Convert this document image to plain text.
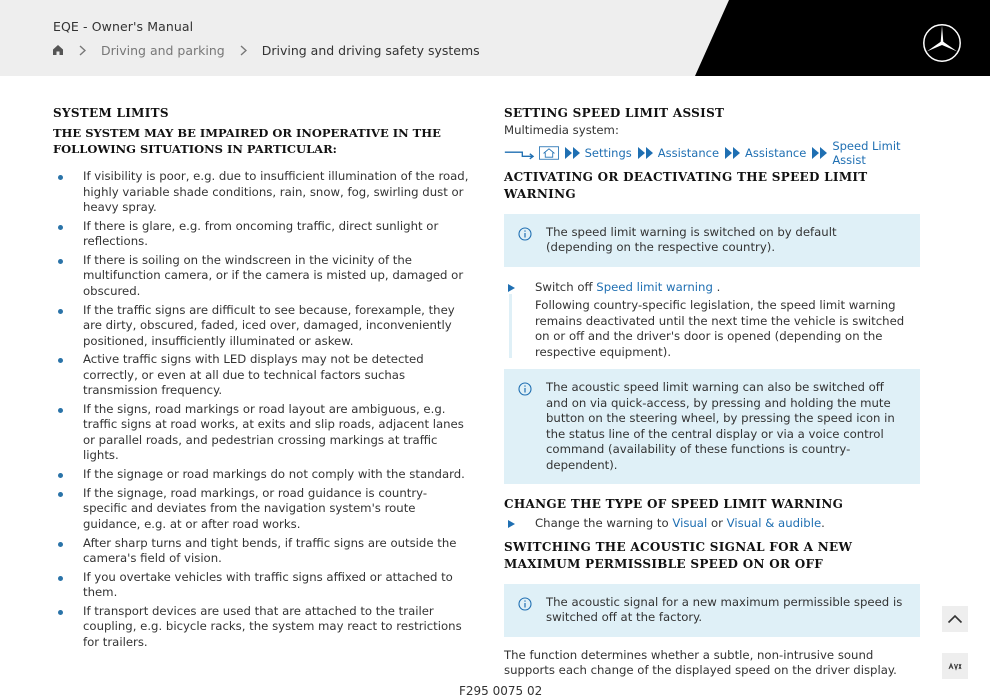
EQE - Owner's Manual
Driving and parking	Driving and driving safety systems
SYSTEM LIMITS
THE SYSTEM MAY BE IMPAIRED OR INOPERATIVE IN THE FOLLOWING SITUATIONS IN PARTICULAR:
If visibility is poor, e.g. due to insufficient illumination of the road, highly variable shade conditions, rain, snow, fog, swirling dust or heavy spray.
If there is glare, e.g. from oncoming traffic, direct sunlight or reflections.
If there is soiling on the windscreen in the vicinity of the multifunction camera, or if the camera is misted up, damaged or obscured.
If the traffic signs are difficult to see because, forexample, they are dirty, obscured, faded, iced over, damaged, inconveniently positioned, insufficiently illuminated or askew.
Active traffic signs with LED displays may not be detected correctly, or even at all due to technical factors suchas transmission frequency.
If the signs, road markings or road layout are ambiguous, e.g. traffic signs at road works, at exits and slip roads, adjacent lanes or parallel roads, and pedestrian crossing markings at traffic lights.
If the signage or road markings do not comply with the standard.
If the signage, road markings, or road guidance is country-specific and deviates from the navigation system's route guidance, e.g. at or after road works.
After sharp turns and tight bends, if traffic signs are outside the camera's field of vision.
If you overtake vehicles with traffic signs affixed or attached to them.
If transport devices are used that are attached to the trailer coupling, e.g. bicycle racks, the system may react to restrictions for trailers.
SETTING SPEED LIMIT ASSIST
Multimedia system:
Settings Assistance Assistance Speed Limit Assist
ACTIVATING OR DEACTIVATING THE SPEED LIMIT WARNING
The speed limit warning is switched on by default (depending on the respective country).
Switch off Speed limit warning .
Following country-specific legislation, the speed limit warning remains deactivated until the next time the vehicle is switched on or off and the driver's door is opened (depending on the respective equipment).
The acoustic speed limit warning can also be switched off and on via quick-access, by pressing and holding the mute button on the steering wheel, by pressing the speed icon in the status line of the central display or via a voice control command (availability of these functions is country-dependent).
CHANGE THE TYPE OF SPEED LIMIT WARNING
Change the warning to Visual or Visual & audible.
SWITCHING THE ACOUSTIC SIGNAL FOR A NEW MAXIMUM PERMISSIBLE SPEED ON OR OFF
The acoustic signal for a new maximum permissible speed is switched off at the factory.
The function determines whether a subtle, non-intrusive sound supports each change of the displayed speed on the driver display.
F295 0075 02
